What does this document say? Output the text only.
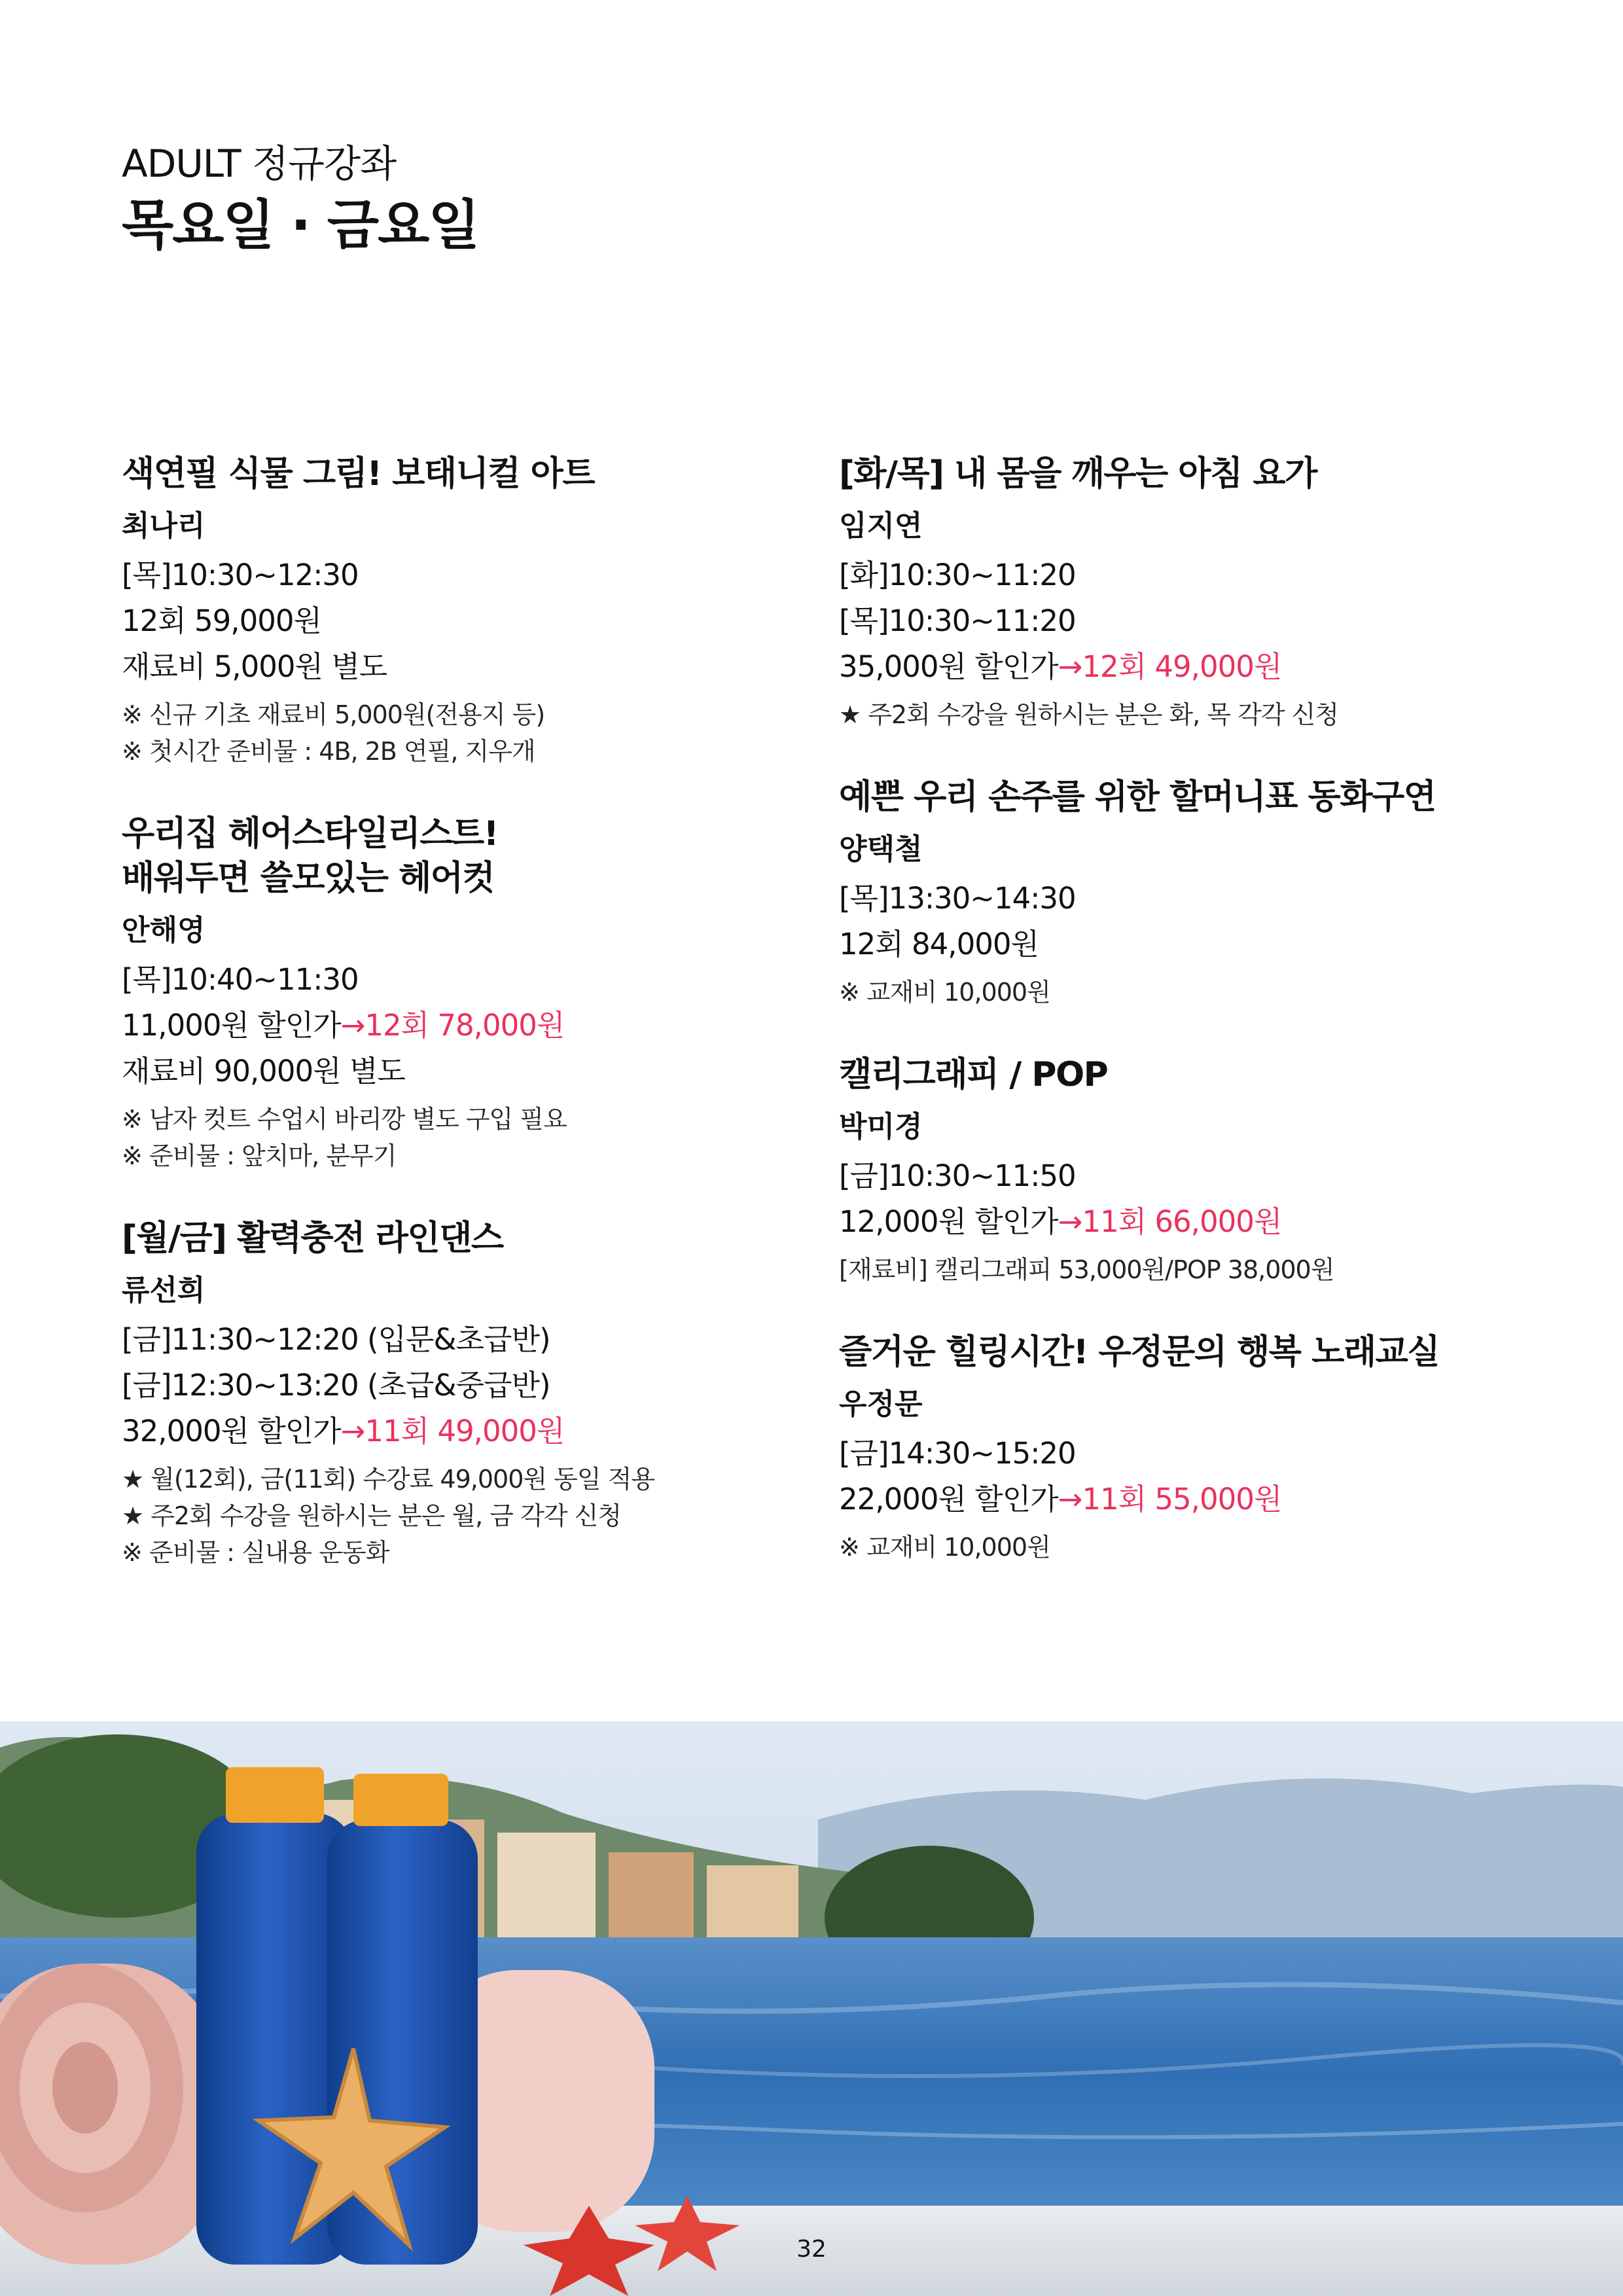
ADULT 정규강좌
목요일 · 금요일
색연필 식물 그림! 보태니컬 아트
최나리
[목]10:30~12:30
12회 59,000원
재료비 5,000원 별도
※ 신규 기초 재료비 5,000원(전용지 등)
※ 첫시간 준비물 : 4B, 2B 연필, 지우개
우리집 헤어스타일리스트!
배워두면 쓸모있는 헤어컷
안해영
[목]10:40~11:30
11,000원 할인가→12회 78,000원
재료비 90,000원 별도
※ 남자 컷트 수업시 바리깡 별도 구입 필요
※ 준비물 : 앞치마, 분무기
[월/금] 활력충전 라인댄스
류선희
[금]11:30~12:20 (입문&초급반)
[금]12:30~13:20 (초급&중급반)
32,000원 할인가→11회 49,000원
★ 월(12회), 금(11회) 수강료 49,000원 동일 적용
★ 주2회 수강을 원하시는 분은 월, 금 각각 신청
※ 준비물 : 실내용 운동화
[화/목] 내 몸을 깨우는 아침 요가
임지연
[화]10:30~11:20
[목]10:30~11:20
35,000원 할인가→12회 49,000원
★ 주2회 수강을 원하시는 분은 화, 목 각각 신청
예쁜 우리 손주를 위한 할머니표 동화구연
양택철
[목]13:30~14:30
12회 84,000원
※ 교재비 10,000원
캘리그래피 / POP
박미경
[금]10:30~11:50
12,000원 할인가→11회 66,000원
[재료비] 캘리그래피 53,000원/POP 38,000원
즐거운 힐링시간! 우정문의 행복 노래교실
우정문
[금]14:30~15:20
22,000원 할인가→11회 55,000원
※ 교재비 10,000원
32
